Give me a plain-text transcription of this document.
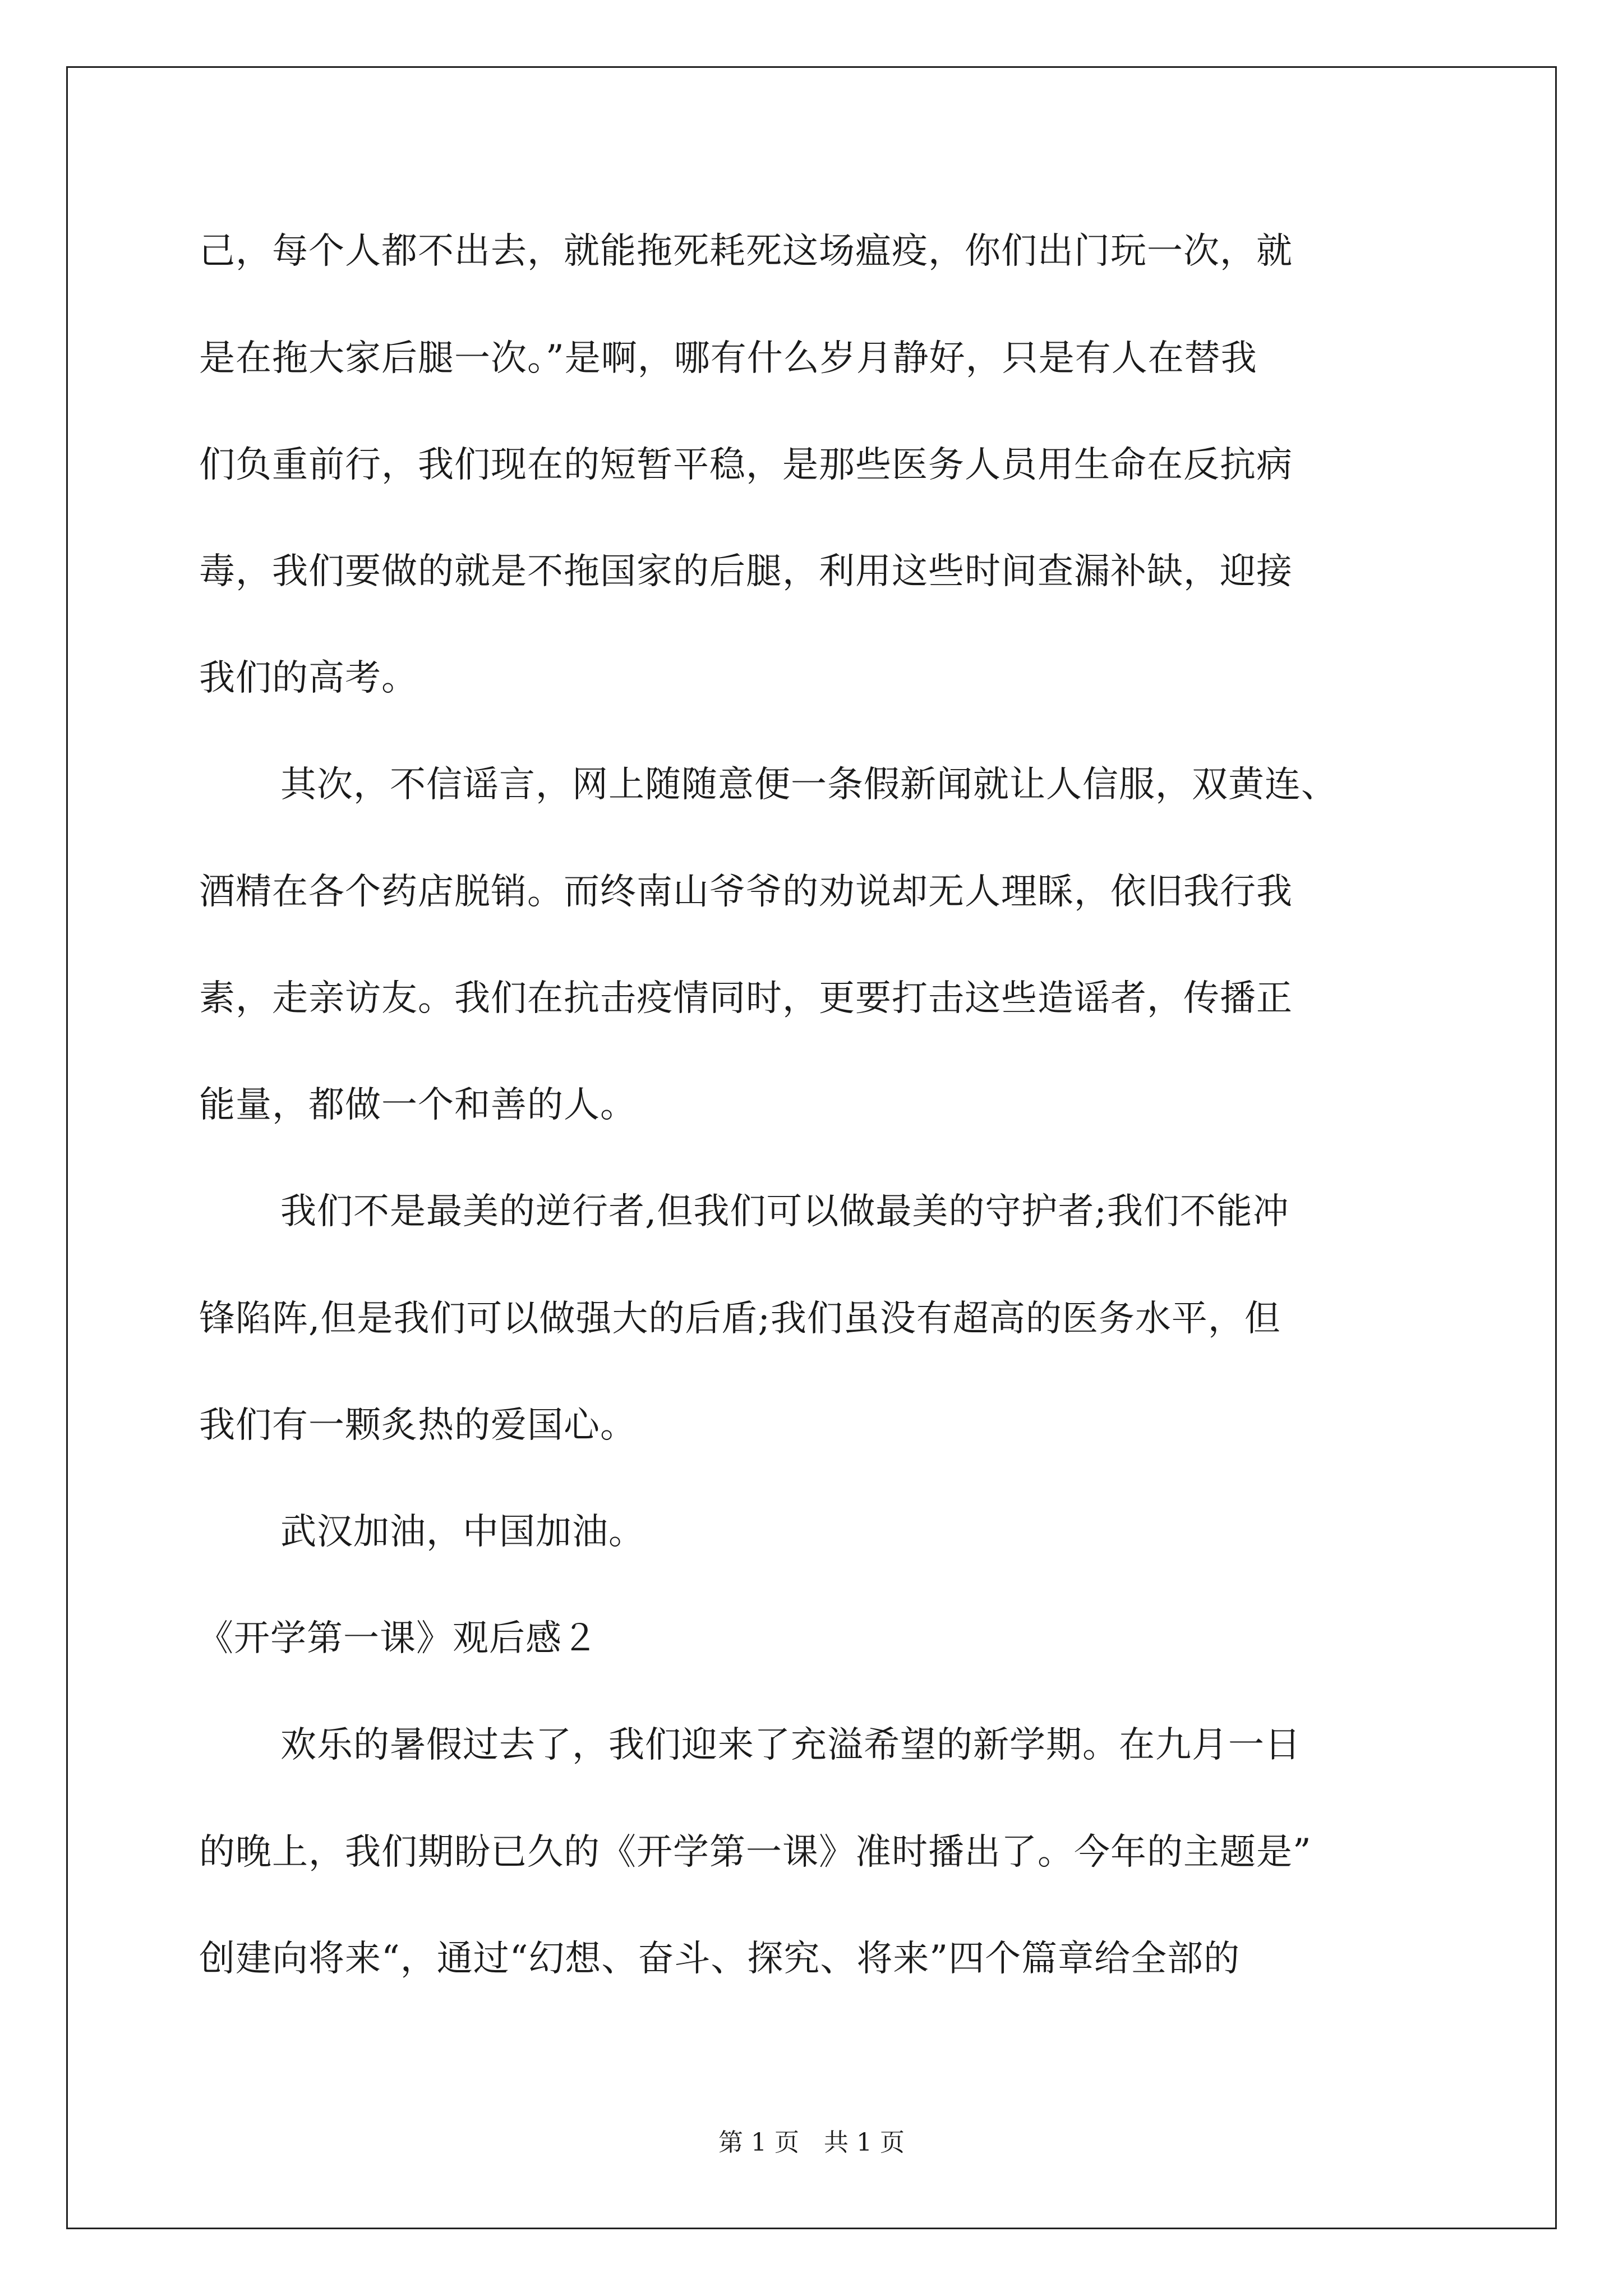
己，每个人都不出去，就能拖死耗死这场瘟疫，你们出门玩一次，就
是在拖大家后腿一次。”是啊，哪有什么岁月静好，只是有人在替我
们负重前行，我们现在的短暂平稳，是那些医务人员用生命在反抗病
毒，我们要做的就是不拖国家的后腿，利用这些时间查漏补缺，迎接
我们的高考。
其次，不信谣言，网上随随意便一条假新闻就让人信服，双黄连、
酒精在各个药店脱销。而终南山爷爷的劝说却无人理睬，依旧我行我
素，走亲访友。我们在抗击疫情同时，更要打击这些造谣者，传播正
能量，都做一个和善的人。
我们不是最美的逆行者,但我们可以做最美的守护者;我们不能冲
锋陷阵,但是我们可以做强大的后盾;我们虽没有超高的医务水平，但
我们有一颗炙热的爱国心。
武汉加油，中国加油。
《开学第一课》观后感２
欢乐的暑假过去了，我们迎来了充溢希望的新学期。在九月一日
的晚上，我们期盼已久的《开学第一课》准时播出了。今年的主题是”
创建向将来“，通过“幻想、奋斗、探究、将来”四个篇章给全部的
第 1 页　共 1 页
